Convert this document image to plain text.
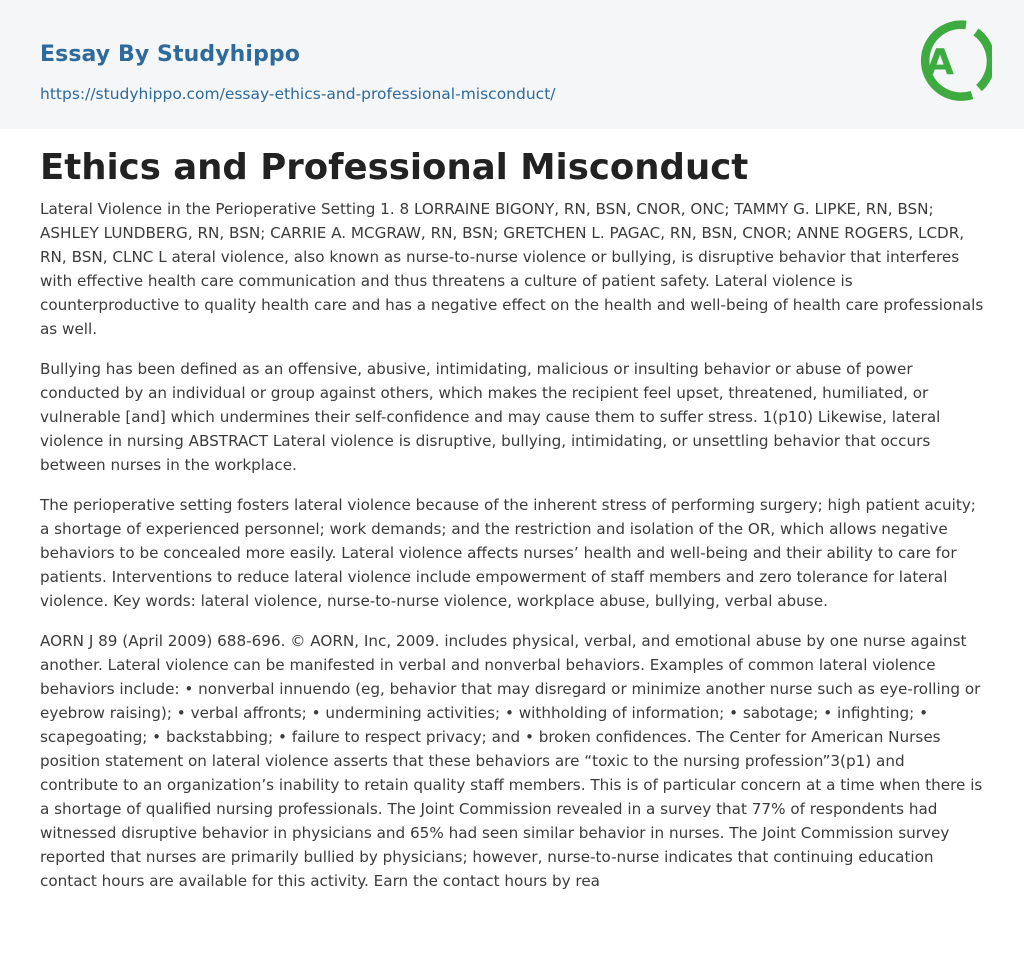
Essay By Studyhippo
https://studyhippo.com/essay-ethics-and-professional-misconduct/
A
Ethics and Professional Misconduct

Lateral Violence in the Perioperative Setting 1. 8 LORRAINE BIGONY, RN, BSN, CNOR, ONC; TAMMY G. LIPKE, RN, BSN; ASHLEY LUNDBERG, RN, BSN; CARRIE A. MCGRAW, RN, BSN; GRETCHEN L. PAGAC, RN, BSN, CNOR; ANNE ROGERS, LCDR, RN, BSN, CLNC L ateral violence, also known as nurse-to-nurse violence or bullying, is disruptive behavior that interferes with effective health care communication and thus threatens a culture of patient safety. Lateral violence is counterproductive to quality health care and has a negative effect on the health and well-being of health care professionals as well.

Bullying has been defined as an offensive, abusive, intimidating, malicious or insulting behavior or abuse of power conducted by an individual or group against others, which makes the recipient feel upset, threatened, humiliated, or vulnerable [and] which undermines their self-confidence and may cause them to suffer stress. 1(p10) Likewise, lateral violence in nursing ABSTRACT Lateral violence is disruptive, bullying, intimidating, or unsettling behavior that occurs between nurses in the workplace.

The perioperative setting fosters lateral violence because of the inherent stress of performing surgery; high patient acuity; a shortage of experienced personnel; work demands; and the restriction and isolation of the OR, which allows negative behaviors to be concealed more easily. Lateral violence affects nurses’ health and well-being and their ability to care for patients. Interventions to reduce lateral violence include empowerment of staff members and zero tolerance for lateral violence. Key words: lateral violence, nurse-to-nurse violence, workplace abuse, bullying, verbal abuse.

AORN J 89 (April 2009) 688-696. © AORN, Inc, 2009. includes physical, verbal, and emotional abuse by one nurse against another. Lateral violence can be manifested in verbal and nonverbal behaviors. Examples of common lateral violence behaviors include: • nonverbal innuendo (eg, behavior that may disregard or minimize another nurse such as eye-rolling or eyebrow raising); • verbal affronts; • undermining activities; • withholding of information; • sabotage; • infighting; • scapegoating; • backstabbing; • failure to respect privacy; and • broken confidences. The Center for American Nurses position statement on lateral violence asserts that these behaviors are “toxic to the nursing profession”3(p1) and contribute to an organization’s inability to retain quality staff members. This is of particular concern at a time when there is a shortage of qualified nursing professionals. The Joint Commission revealed in a survey that 77% of respondents had witnessed disruptive behavior in physicians and 65% had seen similar behavior in nurses. The Joint Commission survey reported that nurses are primarily bullied by physicians; however, nurse-to-nurse indicates that continuing education contact hours are available for this activity. Earn the contact hours by rea
